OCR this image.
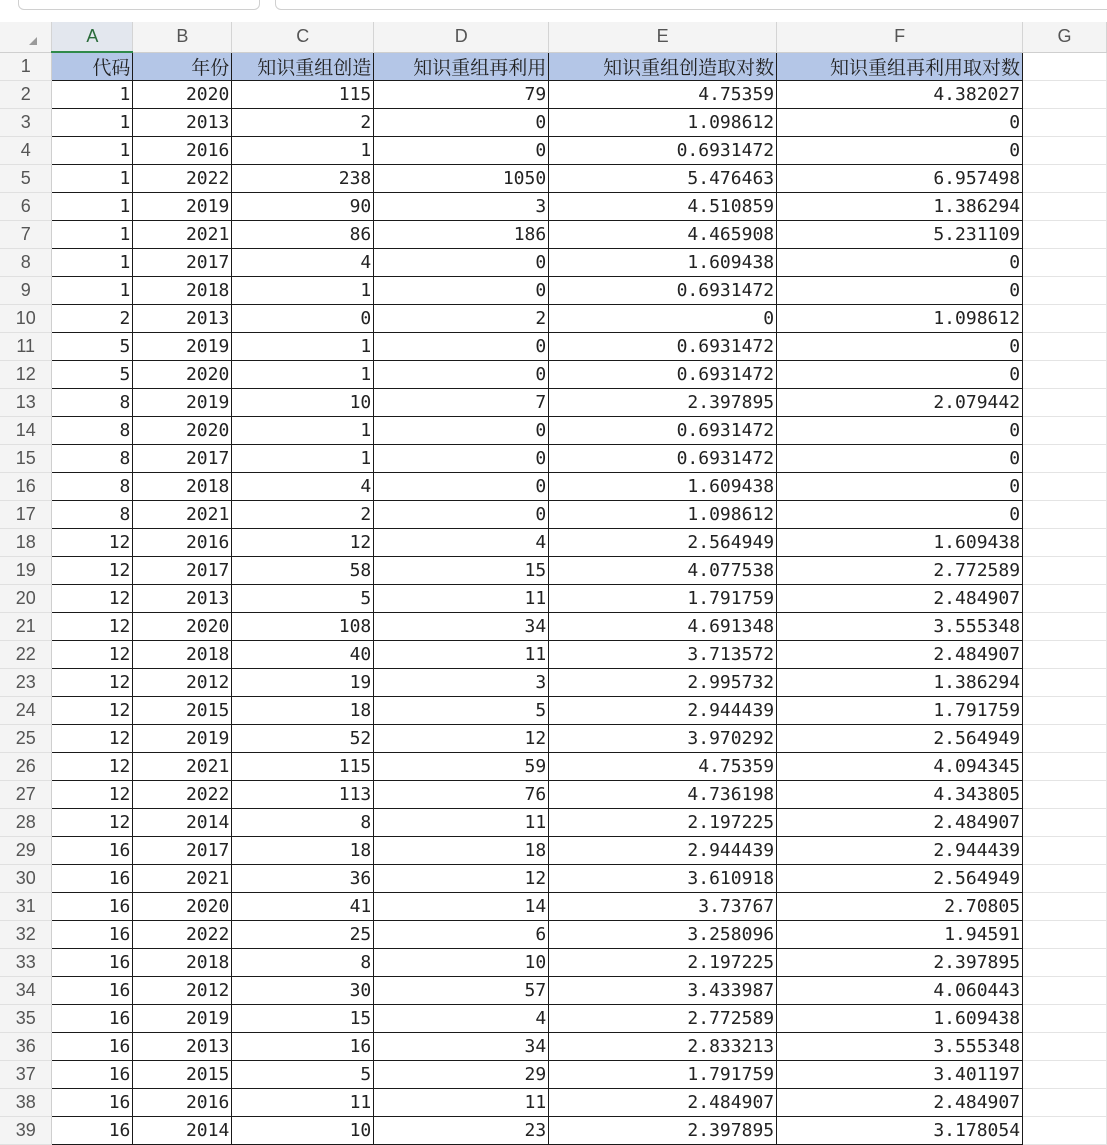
	A	B	C	D	E	F	G
1	代码	年份	知识重组创造	知识重组再利用	知识重组创造取对数	知识重组再利用取对数	
2	1	2020	115	79	4.75359	4.382027	
3	1	2013	2	0	1.098612	0	
4	1	2016	1	0	0.6931472	0	
5	1	2022	238	1050	5.476463	6.957498	
6	1	2019	90	3	4.510859	1.386294	
7	1	2021	86	186	4.465908	5.231109	
8	1	2017	4	0	1.609438	0	
9	1	2018	1	0	0.6931472	0	
10	2	2013	0	2	0	1.098612	
11	5	2019	1	0	0.6931472	0	
12	5	2020	1	0	0.6931472	0	
13	8	2019	10	7	2.397895	2.079442	
14	8	2020	1	0	0.6931472	0	
15	8	2017	1	0	0.6931472	0	
16	8	2018	4	0	1.609438	0	
17	8	2021	2	0	1.098612	0	
18	12	2016	12	4	2.564949	1.609438	
19	12	2017	58	15	4.077538	2.772589	
20	12	2013	5	11	1.791759	2.484907	
21	12	2020	108	34	4.691348	3.555348	
22	12	2018	40	11	3.713572	2.484907	
23	12	2012	19	3	2.995732	1.386294	
24	12	2015	18	5	2.944439	1.791759	
25	12	2019	52	12	3.970292	2.564949	
26	12	2021	115	59	4.75359	4.094345	
27	12	2022	113	76	4.736198	4.343805	
28	12	2014	8	11	2.197225	2.484907	
29	16	2017	18	18	2.944439	2.944439	
30	16	2021	36	12	3.610918	2.564949	
31	16	2020	41	14	3.73767	2.70805	
32	16	2022	25	6	3.258096	1.94591	
33	16	2018	8	10	2.197225	2.397895	
34	16	2012	30	57	3.433987	4.060443	
35	16	2019	15	4	2.772589	1.609438	
36	16	2013	16	34	2.833213	3.555348	
37	16	2015	5	29	1.791759	3.401197	
38	16	2016	11	11	2.484907	2.484907	
39	16	2014	10	23	2.397895	3.178054	
